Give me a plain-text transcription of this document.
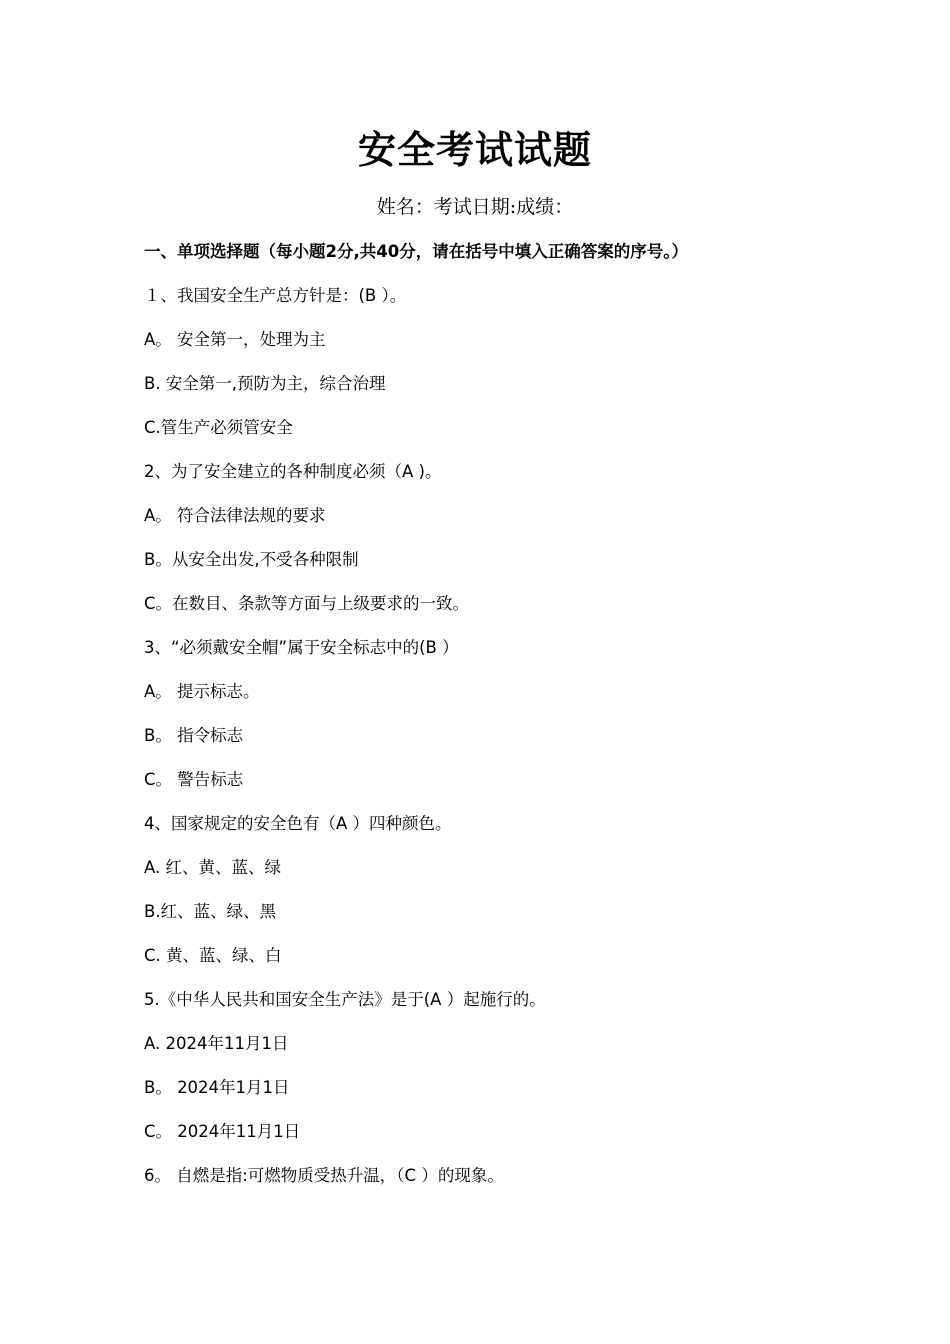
安全考试试题
姓名：考试日期:成绩：
一、单项选择题（每小题2分,共40分，请在括号中填入正确答案的序号。）
１、我国安全生产总方针是：(B ）。
A。 安全第一，处理为主
B. 安全第一,预防为主，综合治理
C.管生产必须管安全
2、为了安全建立的各种制度必须（A )。
A。 符合法律法规的要求
B。从安全出发,不受各种限制
C。在数目、条款等方面与上级要求的一致。
3、“必须戴安全帽”属于安全标志中的(B ）
A。 提示标志。
B。 指令标志
C。 警告标志
4、国家规定的安全色有（A ）四种颜色。
A. 红、黄、蓝、绿
B.红、蓝、绿、黑
C. 黄、蓝、绿、白
5.《中华人民共和国安全生产法》是于(A ）起施行的。
A. 2024年11月1日
B。 2024年1月1日
C。 2024年11月1日
6。 自燃是指:可燃物质受热升温，（C ）的现象。
